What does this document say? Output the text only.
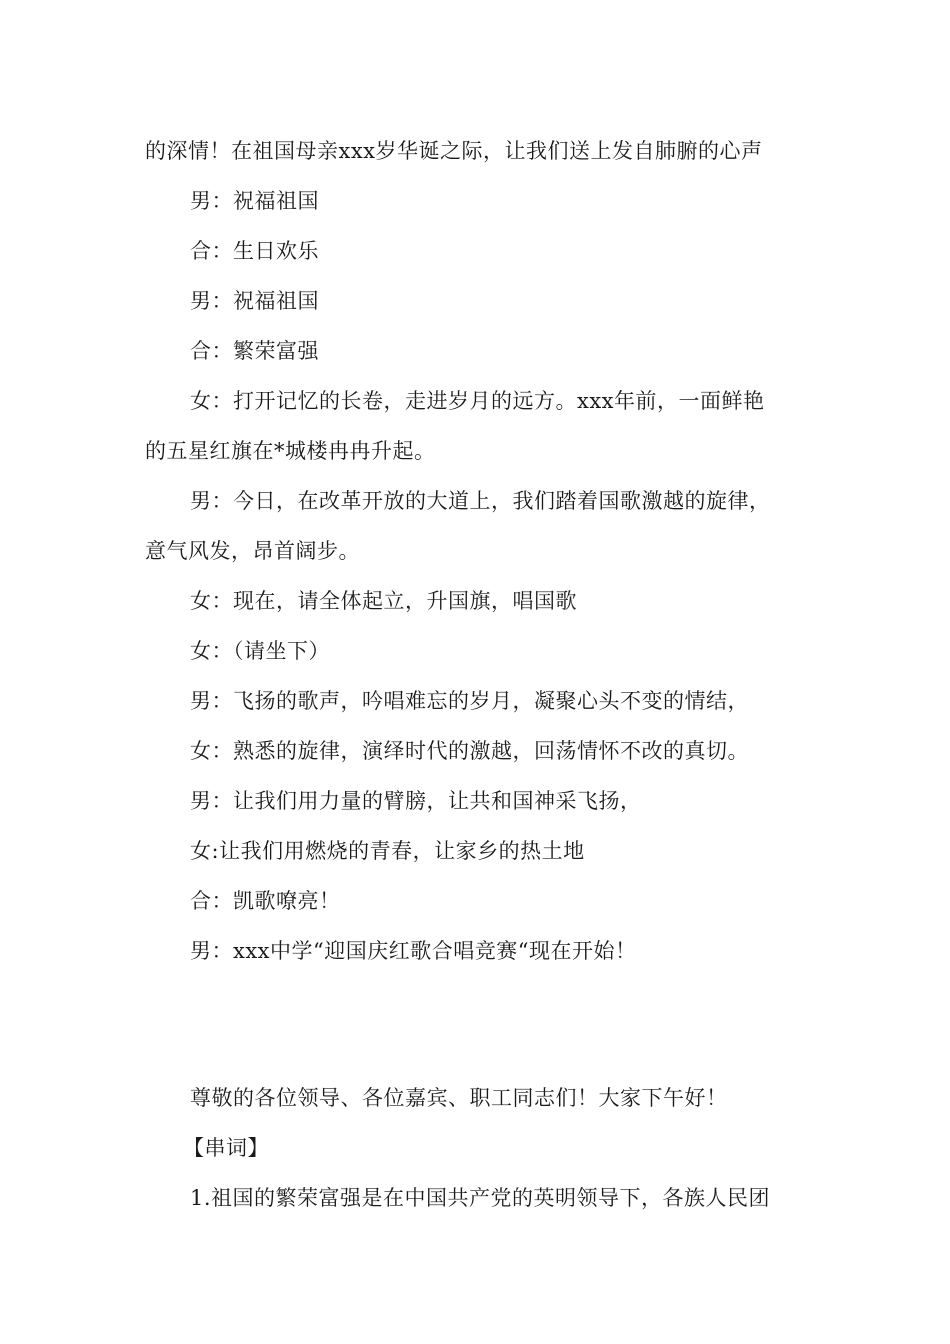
的深情！在祖国母亲xxx岁华诞之际，让我们送上发自肺腑的心声
男：祝福祖国
合：生日欢乐
男：祝福祖国
合：繁荣富强
女：打开记忆的长卷，走进岁月的远方。xxx年前，一面鲜艳
的五星红旗在*城楼冉冉升起。
男：今日，在改革开放的大道上，我们踏着国歌激越的旋律，
意气风发，昂首阔步。
女：现在，请全体起立，升国旗，唱国歌
女：（请坐下）
男：飞扬的歌声，吟唱难忘的岁月，凝聚心头不变的情结，
女：熟悉的旋律，演绎时代的激越，回荡情怀不改的真切。
男：让我们用力量的臂膀，让共和国神采飞扬，
女:让我们用燃烧的青春，让家乡的热土地
合：凯歌嘹亮！
男：xxx中学“迎国庆红歌合唱竞赛“现在开始！
尊敬的各位领导、各位嘉宾、职工同志们！大家下午好！
【串词】
1.祖国的繁荣富强是在中国共产党的英明领导下，各族人民团
